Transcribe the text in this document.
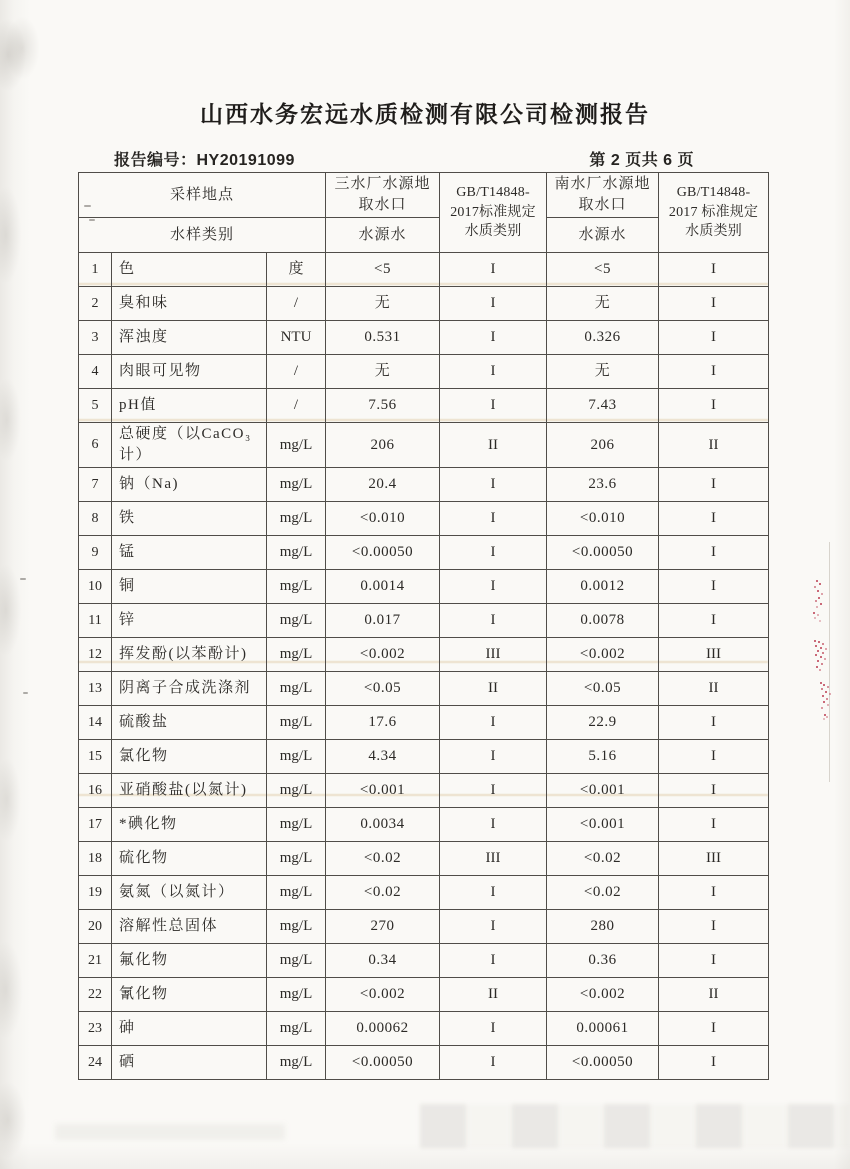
山西水务宏远水质检测有限公司检测报告
报告编号：HY20191099	第 2 页共 6 页
采样地点			三水厂水源地取水口	GB/T14848-2017标准规定水质类别	南水厂水源地取水口	GB/T14848-2017 标准规定水质类别
水样类别			水源水		水源水	
1	色	度	<5	I	<5	I
2	臭和味	/	无	I	无	I
3	浑浊度	NTU	0.531	I	0.326	I
4	肉眼可见物	/	无	I	无	I
5	pH值	/	7.56	I	7.43	I
6	总硬度（以CaCO₃计）	mg/L	206	II	206	II
7	钠（Na)	mg/L	20.4	I	23.6	I
8	铁	mg/L	<0.010	I	<0.010	I
9	锰	mg/L	<0.00050	I	<0.00050	I
10	铜	mg/L	0.0014	I	0.0012	I
11	锌	mg/L	0.017	I	0.0078	I
12	挥发酚(以苯酚计)	mg/L	<0.002	III	<0.002	III
13	阴离子合成洗涤剂	mg/L	<0.05	II	<0.05	II
14	硫酸盐	mg/L	17.6	I	22.9	I
15	氯化物	mg/L	4.34	I	5.16	I
16	亚硝酸盐(以氮计)	mg/L	<0.001	I	<0.001	I
17	*碘化物	mg/L	0.0034	I	<0.001	I
18	硫化物	mg/L	<0.02	III	<0.02	III
19	氨氮（以氮计）	mg/L	<0.02	I	<0.02	I
20	溶解性总固体	mg/L	270	I	280	I
21	氟化物	mg/L	0.34	I	0.36	I
22	氰化物	mg/L	<0.002	II	<0.002	II
23	砷	mg/L	0.00062	I	0.00061	I
24	硒	mg/L	<0.00050	I	<0.00050	I
